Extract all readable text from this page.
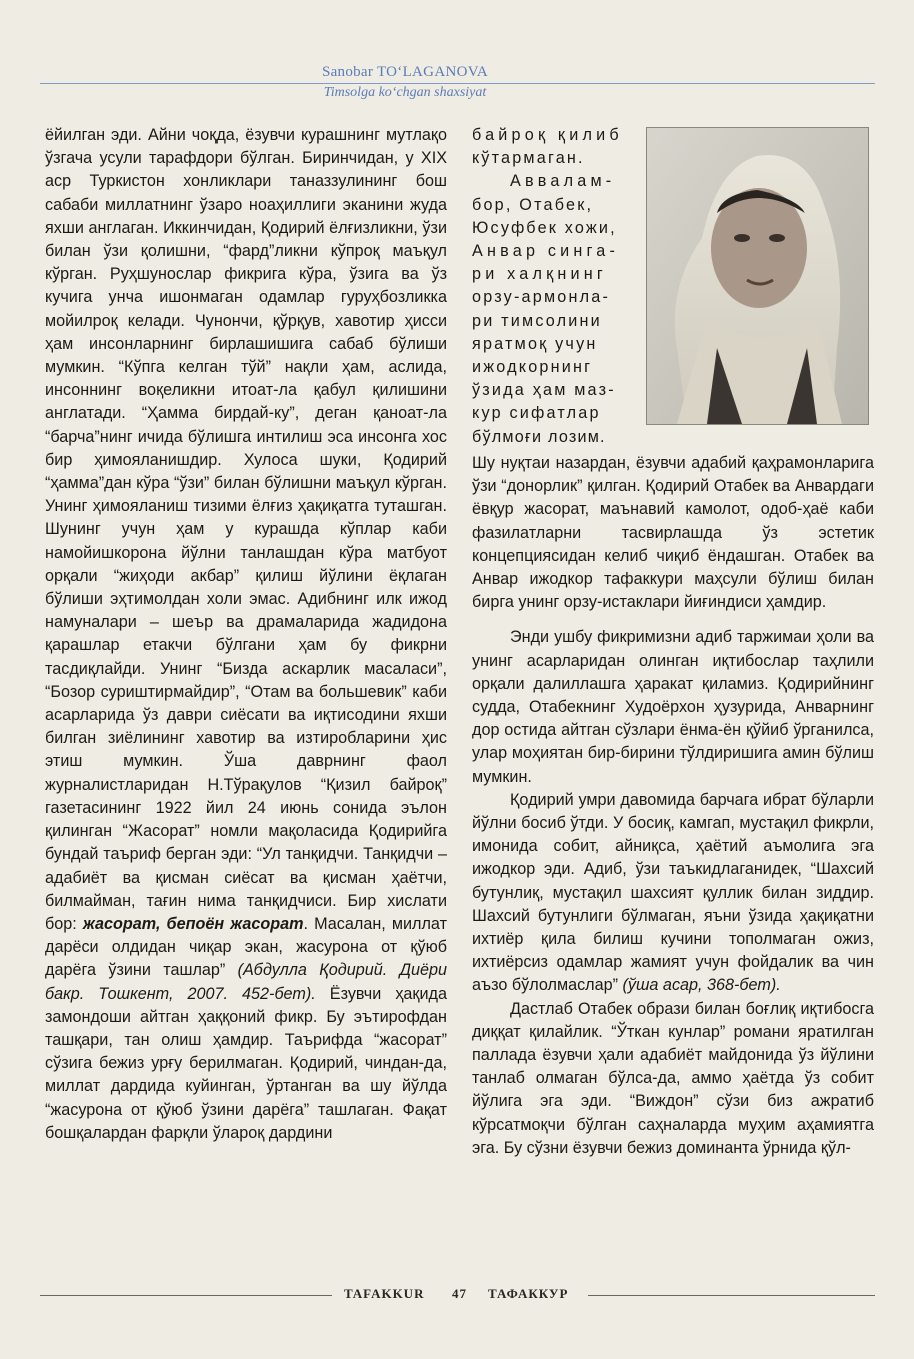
Sanobar TO‘LAGANOVA
Timsolga ko‘chgan shaxsiyat

ёйилган эди. Айни чоқда, ёзувчи курашнинг мутлақо ўзгача усули тарафдори бўлган. Биринчидан, у XIX аср Туркистон хонликлари таназзулининг бош сабаби миллатнинг ўзаро ноаҳиллиги эканини жуда яхши англаган. Иккинчидан, Қодирий ёлғизликни, ўзи билан ўзи қолишни, “фард”ликни кўпроқ маъқул кўрган. Руҳшунослар фикрига кўра, ўзига ва ўз кучига унча ишонмаган одамлар гуруҳбозликка мойилроқ келади. Чунончи, қўрқув, хавотир ҳисси ҳам инсонларнинг бирлашишига сабаб бўлиши мумкин. “Кўпга келган тўй” нақли ҳам, аслида, инсоннинг воқеликни итоат-ла қабул қилишини англатади. “Ҳамма бирдай-ку”, деган қаноат-ла “барча”нинг ичида бўлишга интилиш эса инсонга хос бир ҳимояланишдир. Хулоса шуки, Қодирий “ҳамма”дан кўра “ўзи” билан бўлишни маъқул кўрган. Унинг ҳимояланиш тизими ёлғиз ҳақиқатга туташган. Шунинг учун ҳам у курашда кўплар каби намойишкорона йўлни танлашдан кўра матбуот орқали “жиҳоди акбар” қилиш йўлини ёқлаган бўлиши эҳтимолдан холи эмас. Адибнинг илк ижод намуналари – шеър ва драмаларида жадидона қарашлар етакчи бўлгани ҳам бу фикрни тасдиқлайди. Унинг “Бизда аскарлик масаласи”, “Бозор суриштирмайдир”, “Отам ва большевик” каби асарларида ўз даври сиёсати ва иқтисодини яхши билган зиёлининг хавотир ва изтиробларини ҳис этиш мумкин. Ўша даврнинг фаол журналистларидан Н.Тўрақулов “Қизил байроқ” газетасининг 1922 йил 24 июнь сонида эълон қилинган “Жасорат” номли мақоласида Қодирийга бундай таъриф берган эди: “Ул танқидчи. Танқидчи – адабиёт ва қисман сиёсат ва қисман ҳаётчи, билмайман, тағин нима танқидчиси. Бир хислати бор: жасорат, бепоён жасорат. Масалан, миллат дарёси олдидан чиқар экан, жасурона от қўюб дарёга ўзини ташлар” (Абдулла Қодирий. Диёри бакр. Тошкент, 2007. 452-бет). Ёзувчи ҳақида замондоши айтган ҳаққоний фикр. Бу эътирофдан ташқари, тан олиш ҳамдир. Таърифда “жасорат” сўзига бежиз урғу берилмаган. Қодирий, чиндан-да, миллат дардида куйинган, ўртанган ва шу йўлда “жасурона от қўюб ўзини дарёга” ташлаган. Фақат бошқалардан фарқли ўлароқ дардини

байроқ қилиб
кўтармаган.
Аввалам-
бор, Отабек,
Юсуфбек хожи,
Анвар синга-
ри халқнинг
орзу-армонла-
ри тимсолини
яратмоқ учун
ижодкорнинг
ўзида ҳам маз-
кур сифатлар
бўлмоғи лозим.

Шу нуқтаи назардан, ёзувчи адабий қаҳрамонларига ўзи “донорлик” қилган. Қодирий Отабек ва Анвардаги ёвқур жасорат, маънавий камолот, одоб-ҳаё каби фазилатларни тасвирлашда ўз эстетик концепциясидан келиб чиқиб ёндашган. Отабек ва Анвар ижодкор тафаккури маҳсули бўлиш билан бирга унинг орзу-истаклари йиғиндиси ҳамдир.

Энди ушбу фикримизни адиб таржимаи ҳоли ва унинг асарларидан олинган иқтибослар таҳлили орқали далиллашга ҳаракат қиламиз. Қодирийнинг судда, Отабекнинг Худоёрхон ҳузурида, Анварнинг дор остида айтган сўзлари ёнма-ён қўйиб ўрганилса, улар моҳиятан бир-бирини тўлдиришига амин бўлиш мумкин.

Қодирий умри давомида барчага ибрат бўларли йўлни босиб ўтди. У босиқ, камгап, мустақил фикрли, имонида собит, айниқса, ҳаётий аъмолига эга ижодкор эди. Адиб, ўзи таъкидлаганидек, “Шахсий бутунлиқ, мустақил шахсият қуллик билан зиддир. Шахсий бутунлиги бўлмаган, яъни ўзида ҳақиқатни ихтиёр қила билиш кучини тополмаган ожиз, ихтиёрсиз одамлар жамият учун фойдалик ва чин аъзо бўлолмаслар” (ўша асар, 368-бет).

Дастлаб Отабек образи билан боғлиқ иқтибосга диққат қилайлик. “Ўткан кунлар” романи яратилган паллада ёзувчи ҳали адабиёт майдонида ўз йўлини танлаб олмаган бўлса-да, аммо ҳаётда ўз собит йўлига эга эди. “Виждон” сўзи биз ажратиб кўрсатмоқчи бўлган саҳналарда муҳим аҳамиятга эга. Бу сўзни ёзувчи бежиз доминанта ўрнида қўл-

TAFAKKUR 47 ТАФАККУР
